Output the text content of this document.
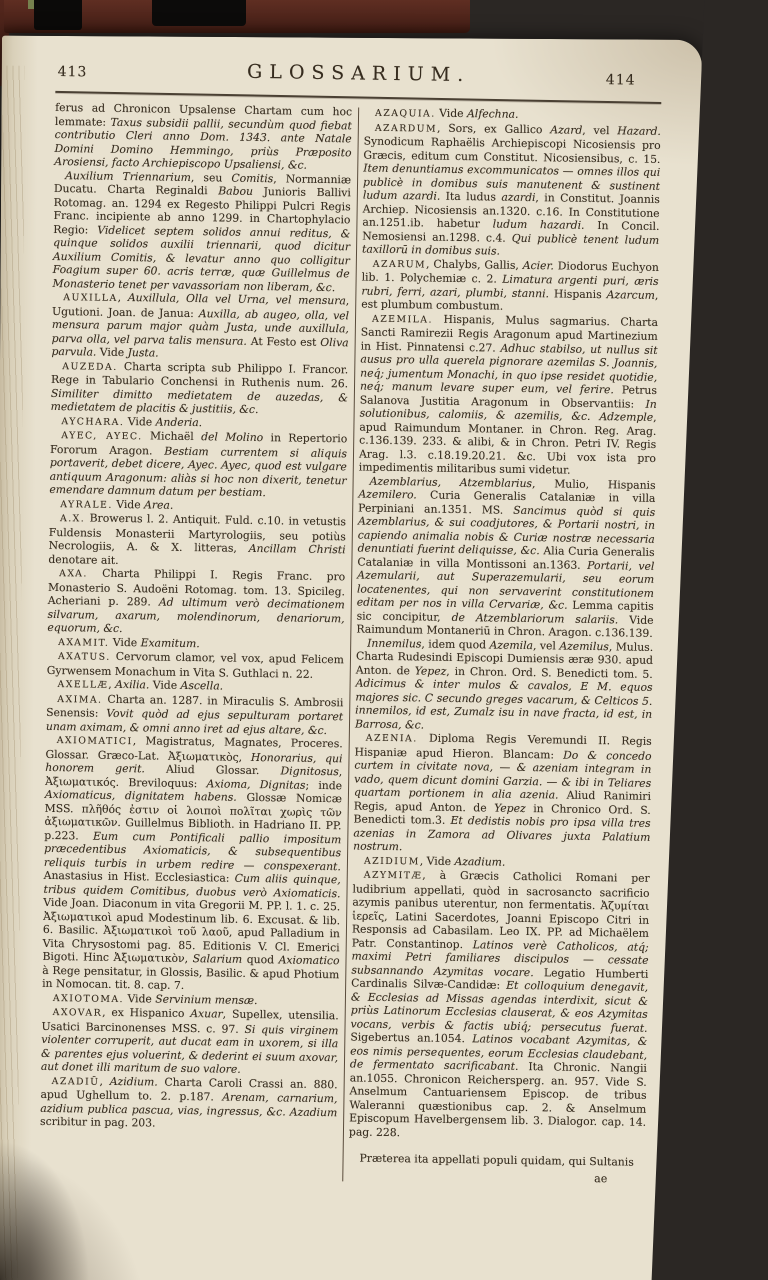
413	GLOSSARIUM.	414

ferus ad Chronicon Upsalense Chartam cum hoc lemmate: Taxus subsidii pallii, secundùm quod fiebat contributio Cleri anno Dom. 1343. ante Natale Domini Domino Hemmingo, priùs Præposito Arosiensi, facto Archiepiscopo Upsaliensi, &c.

Auxilium Triennarium, seu Comitis, Normanniæ Ducatu. Charta Reginaldi Babou Junioris Ballivi Rotomag. an. 1294 ex Regesto Philippi Pulcri Regis Franc. incipiente ab anno 1299. in Chartophylacio Regio: Videlicet septem solidos annui reditus, & quinque solidos auxilii triennarii, quod dicitur Auxilium Comitis, & levatur anno quo colligitur Foagium super 60. acris terræ, quæ Guillelmus de Monasterio tenet per vavassoriam non liberam, &c.

AUXILLA, Auxillula, Olla vel Urna, vel mensura, Ugutioni. Joan. de Janua: Auxilla, ab augeo, olla, vel mensura parum major quàm Justa, unde auxillula, parva olla, vel parva talis mensura. At Festo est Oliva parvula. Vide Justa.

AUZEDA. Charta scripta sub Philippo I. Francor. Rege in Tabulario Conchensi in Ruthenis num. 26. Similiter dimitto medietatem de auzedas, & medietatem de placitis & justitiis, &c.

AYCHARA. Vide Anderia.

AYEC, AYEC. Michaël del Molino in Repertorio Fororum Aragon. Bestiam currentem si aliquis portaverit, debet dicere, Ayec. Ayec, quod est vulgare antiquum Aragonum: aliàs si hoc non dixerit, tenetur emendare damnum datum per bestiam.

AYRALE. Vide Area.

A.X. Browerus l. 2. Antiquit. Fuld. c.10. in vetustis Fuldensis Monasterii Martyrologiis, seu potiùs Necrologiis, A. & X. litteras, Ancillam Christi denotare ait.

AXA. Charta Philippi I. Regis Franc. pro Monasterio S. Audoëni Rotomag. tom. 13. Spicileg. Acheriani p. 289. Ad ultimum verò decimationem silvarum, axarum, molendinorum, denariorum, equorum, &c.

AXAMIT. Vide Examitum.

AXATUS. Cervorum clamor, vel vox, apud Felicem Gyrwensem Monachum in Vita S. Guthlaci n. 22.

AXELLÆ, Axilia. Vide Ascella.

AXIMA. Charta an. 1287. in Miraculis S. Ambrosii Senensis: Vovit quòd ad ejus sepulturam portaret unam aximam, & omni anno iret ad ejus altare, &c.

AXIOMATICI, Magistratus, Magnates, Proceres. Glossar. Græco-Lat. Ἀξιωματικὸς, Honorarius, qui honorem gerit. Aliud Glossar. Dignitosus, Ἀξιωματικός. Breviloquus: Axioma, Dignitas; inde Axiomaticus, dignitatem habens. Glossæ Nomicæ MSS. πλῆθός ἐστιν οἱ λοιποὶ πολῖται χωρὶς τῶν ἀξιωματικῶν. Guillelmus Biblioth. in Hadriano II. PP. p.223. Eum cum Pontificali pallio impositum præcedentibus Axiomaticis, & subsequentibus reliquis turbis in urbem redire — conspexerant. Anastasius in Hist. Ecclesiastica: Cum aliis quinque, tribus quidem Comitibus, duobus verò Axiomaticis. Vide Joan. Diaconum in vita Gregorii M. PP. l. 1. c. 25. Ἀξιωματικοὶ apud Modestinum lib. 6. Excusat. & lib. 6. Basilic. Ἀξιωματικοὶ τοῦ λαοῦ, apud Palladium in Vita Chrysostomi pag. 85. Editionis V. Cl. Emerici Bigoti. Hinc Ἀξιωματικὸν, Salarium quod Axiomatico à Rege pensitatur, in Glossis, Basilic. & apud Photium in Nomocan. tit. 8. cap. 7.

AXIOTOMA. Vide Servinium mensæ.

AXOVAR, ex Hispanico Axuar, Supellex, utensilia. Usatici Barcinonenses MSS. c. 97. Si quis virginem violenter corruperit, aut ducat eam in uxorem, si illa & parentes ejus voluerint, & dederint ei suum axovar, aut donet illi maritum de suo valore.

AZADIŪ, Azidium. Charta Caroli Crassi an. 880. apud Ughellum to. 2. p.187. Arenam, carnarium, azidium publica pascua, vias, ingressus, &c. Azadium scribitur in pag. 203.

AZAQUIA. Vide Alfechna.

AZARDUM, Sors, ex Gallico Azard, vel Hazard. Synodicum Raphaëlis Archiepiscopi Nicosiensis pro Græcis, editum cum Constitut. Nicosiensibus, c. 15. Item denuntiamus excommunicatos — omnes illos qui publicè in domibus suis manutenent & sustinent ludum azardi. Ita ludus azardi, in Constitut. Joannis Archiep. Nicosiensis an.1320. c.16. In Constitutione an.1251.ib. habetur ludum hazardi. In Concil. Nemosiensi an.1298. c.4. Qui publicè tenent ludum taxillorū in domibus suis.

AZARUM, Chalybs, Gallis, Acier. Diodorus Euchyon lib. 1. Polychemiæ c. 2. Limatura argenti puri, æris rubri, ferri, azari, plumbi, stanni. Hispanis Azarcum, est plumbum combustum.

AZEMILA. Hispanis, Mulus sagmarius. Charta Sancti Ramirezii Regis Aragonum apud Martinezium in Hist. Pinnatensi c.27. Adhuc stabilso, ut nullus sit ausus pro ulla querela pignorare azemilas S. Joannis, neq́; jumentum Monachi, in quo ipse residet quotidie, neq́; manum levare super eum, vel ferire. Petrus Salanova Justitia Aragonum in Observantiis: In solutionibus, calomiis, & azemilis, &c. Adzemple, apud Raimundum Montaner. in Chron. Reg. Arag. c.136.139. 233. & alibi, & in Chron. Petri IV. Regis Arag. l.3. c.18.19.20.21. &c. Ubi vox ista pro impedimentis militaribus sumi videtur.

Azemblarius, Atzemblarius, Mulio, Hispanis Azemilero. Curia Generalis Catalaniæ in villa Perpiniani an.1351. MS. Sancimus quòd si quis Azemblarius, & sui coadjutores, & Portarii nostri, in capiendo animalia nobis & Curiæ nostræ necessaria denuntiati fuerint deliquisse, &c. Alia Curia Generalis Catalaniæ in villa Montissoni an.1363. Portarii, vel Azemularii, aut Superazemularii, seu eorum locatenentes, qui non servaverint constitutionem editam per nos in villa Cervariæ, &c. Lemma capitis sic concipitur, de Atzemblariorum salariis. Vide Raimundum Montaneriū in Chron. Aragon. c.136.139.

Innemilus, idem quod Azemila, vel Azemilus, Mulus. Charta Rudesindi Episcopi Dumiensis æræ 930. apud Anton. de Yepez, in Chron. Ord. S. Benedicti tom. 5. Adicimus & inter mulos & cavalos, E M. equos majores sic. C secundo greges vacarum, & Celticos 5. innemilos, id est, Zumalz isu in nave fracta, id est, in Barrosa, &c.

AZENIA. Diploma Regis Veremundi II. Regis Hispaniæ apud Hieron. Blancam: Do & concedo curtem in civitate nova, — & azeniam integram in vado, quem dicunt domini Garzia. — & ibi in Teliares quartam portionem in alia azenia. Aliud Ranimiri Regis, apud Anton. de Yepez in Chronico Ord. S. Benedicti tom.3. Et dedistis nobis pro ipsa villa tres azenias in Zamora ad Olivares juxta Palatium nostrum.

AZIDIUM, Vide Azadium.

AZYMITÆ, à Græcis Catholici Romani per ludibrium appellati, quòd in sacrosancto sacrificio azymis panibus uterentur, non fermentatis. Ἀζυμίται ἱερεῖς, Latini Sacerdotes, Joanni Episcopo Citri in Responsis ad Cabasilam. Leo IX. PP. ad Michaëlem Patr. Constantinop. Latinos verè Catholicos, atq́; maximi Petri familiares discipulos — cessate subsannando Azymitas vocare. Legatio Humberti Cardinalis Silvæ-Candidæ: Et colloquium denegavit, & Ecclesias ad Missas agendas interdixit, sicut & priùs Latinorum Ecclesias clauserat, & eos Azymitas vocans, verbis & factis ubiq́; persecutus fuerat. Sigebertus an.1054. Latinos vocabant Azymitas, & eos nimis persequentes, eorum Ecclesias claudebant, de fermentato sacrificabant. Ita Chronic. Nangii an.1055. Chronicon Reichersperg. an. 957. Vide S. Anselmum Cantuariensem Episcop. de tribus Waleranni quæstionibus cap. 2. & Anselmum Episcopum Havelbergensem lib. 3. Dialogor. cap. 14. pag. 228.

Præterea ita appellati populi quidam, qui Sultanis

ae
